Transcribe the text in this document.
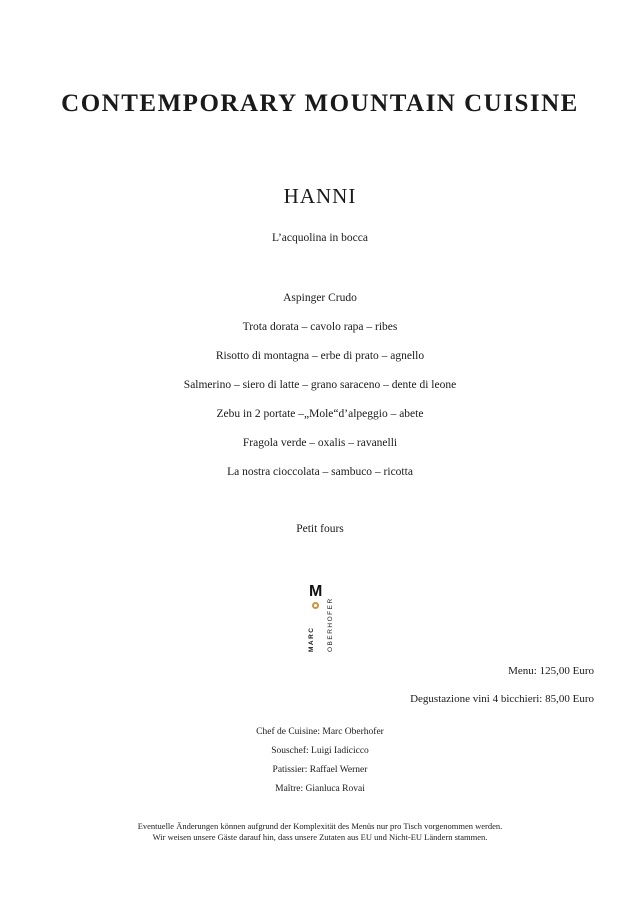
CONTEMPORARY MOUNTAIN CUISINE
HANNI
L’acquolina in bocca
Aspinger Crudo
Trota dorata – cavolo rapa – ribes
Risotto di montagna – erbe di prato – agnello
Salmerino – siero di latte – grano saraceno – dente di leone
Zebu in 2 portate –„Mole“d’alpeggio – abete
Fragola verde – oxalis – ravanelli
La nostra cioccolata – sambuco – ricotta
Petit fours
M
MARC OBERHOFER
Menu: 125,00 Euro
Degustazione vini 4 bicchieri: 85,00 Euro
Chef de Cuisine: Marc Oberhofer
Souschef: Luigi Iadicicco
Patissier: Raffael Werner
Maître: Gianluca Rovai
Eventuelle Änderungen können aufgrund der Komplexität des Menüs nur pro Tisch vorgenommen werden.
Wir weisen unsere Gäste darauf hin, dass unsere Zutaten aus EU und Nicht-EU Ländern stammen.
